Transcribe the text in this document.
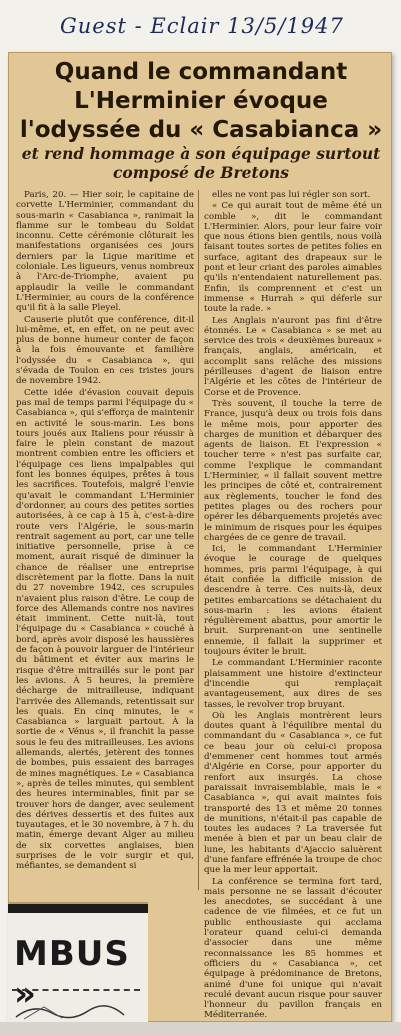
Guest - Eclair 13/5/1947
Quand le commandant L'Herminier évoque l'odyssée du « Casabianca »
et rend hommage à son équipage surtout composé de Bretons

Paris, 20. — Hier soir, le capitaine de corvette L'Herminier, commandant du sous-marin « Casabianca », ranimait la flamme sur le tombeau du Soldat inconnu. Cette cérémonie clôturait les manifestations organisées ces jours derniers par la Ligue maritime et coloniale. Les ligueurs, venus nombreux à l'Arc-de-Triomphe, avaient pu applaudir la veille le commandant L'Herminier, au cours de la conférence qu'il fit à la salle Pleyel.

Causerie plutôt que conférence, dit-il lui-même, et, en effet, on ne peut avec plus de bonne humeur conter de façon à la fois émouvante et familière l'odyssée du « Casabianca », qui s'évada de Toulon en ces tristes jours de novembre 1942.

Cette idée d'évasion couvait depuis pas mal de temps parmi l'équipage du « Casabianca », qui s'efforça de maintenir en activité le sous-marin. Les bons tours joués aux Italiens pour réussir à faire le plein constant de mazout montrent combien entre les officiers et l'équipage ces liens impalpables qui font les bonnes équipes, prêtes à tous les sacrifices. Toutefois, malgré l'envie qu'avait le commandant L'Herminier d'ordonner, au cours des petites sorties autorisées, à ce cap à 15 à, c'est-à-dire route vers l'Algérie, le sous-marin rentrait sagement au port, car une telle initiative personnelle, prise à ce moment, aurait risqué de diminuer la chance de réaliser une entreprise discrètement par la flotte. Dans la nuit du 27 novembre 1942, ces scrupules n'avaient plus raison d'être. Le coup de force des Allemands contre nos navires était imminent. Cette nuit-là, tout l'équipage du « Casabianca » couché à bord, après avoir disposé les haussières de façon à pouvoir larguer de l'intérieur du bâtiment et éviter aux marins le risque d'être mitraillés sur le pont par les avions. À 5 heures, la première décharge de mitrailleuse, indiquant l'arrivée des Allemands, retentissait sur les quais. En cinq minutes, le « Casabianca » larguait partout. À la sortie de « Vénus », il franchit la passe sous le feu des mitrailleuses. Les avions allemands, alertés, jetèrent des tonnes de bombes, puis essaient des barrages de mines magnétiques. Le « Casabianca », après de telles minutes, qui semblent des heures interminables, finit par se trouver hors de danger, avec seulement des dérives dessertis et des fuites aux tuyautages, et le 30 novembre, à 7 h. du matin, émerge devant Alger au milieu de six corvettes anglaises, bien surprises de le voir surgir et qui, méfiantes, se demandent si

elles ne vont pas lui régler son sort.

« Ce qui aurait tout de même été un comble », dit le commandant L'Herminier. Alors, pour leur faire voir que nous étions bien gentils, nous voilà faisant toutes sortes de petites folies en surface, agitant des drapeaux sur le pont et leur criant des paroles aimables qu'ils n'entendaient naturellement pas. Enfin, ils comprennent et c'est un immense « Hurrah » qui déferle sur toute la rade. »

Les Anglais n'auront pas fini d'être étonnés. Le « Casabianca » se met au service des trois « deuxièmes bureaux » français, anglais, américain, et accomplit sans relâche des missions périlleuses d'agent de liaison entre l'Algérie et les côtes de l'intérieur de Corse et de Provence.

Très souvent, il touche la terre de France, jusqu'à deux ou trois fois dans le même mois, pour apporter des charges de munition et débarquer des agents de liaison. Et l'expression « toucher terre » n'est pas surfaite car, comme l'explique le commandant L'Herminier, « il fallait souvent mettre les principes de côté et, contrairement aux règlements, toucher le fond des petites plages ou des rochers pour opérer les débarquements projetés avec le minimum de risques pour les équipes chargées de ce genre de travail.

Ici, le commandant L'Herminier évoque le courage de quelques hommes, pris parmi l'équipage, à qui était confiée la difficile mission de descendre à terre. Ces nuits-là, deux petites embarcations se détachaient du sous-marin : les avions étaient régulièrement abattus, pour amortir le bruit. Surprenant-on une sentinelle ennemie, il fallait la supprimer et toujours éviter le bruit.

Le commandant L'Herminier raconte plaisamment une histoire d'extincteur d'incendie qui remplaçait avantageusement, aux dires de ses tasses, le revolver trop bruyant.

Où les Anglais montrèrent leurs doutes quant à l'équilibre mental du commandant du « Casabianca », ce fut ce beau jour où celui-ci proposa d'emmener cent hommes tout armés d'Algérie en Corse, pour apporter du renfort aux insurgés. La chose paraissait invraisemblable, mais le « Casabianca », qui avait maintes fois transporté des 13 et même 20 tonnes de munitions, n'était-il pas capable de toutes les audaces ? La traversée fut menée à bien et par un beau clair de lune, les habitants d'Ajaccio saluèrent d'une fanfare effrénée la troupe de choc que la mer leur apportait.

La conférence se termina fort tard, mais personne ne se lassait d'écouter les anecdotes, se succédant à une cadence de vie filmées, et ce fut un public enthousiaste qui acclama l'orateur quand celui-ci demanda d'associer dans une même reconnaissance les 85 hommes et officiers du « Casabianca », cet équipage à prédominance de Bretons, animé d'une foi unique qui n'avait reculé devant aucun risque pour sauver l'honneur du pavillon français en Méditerranée.

MBUS »
